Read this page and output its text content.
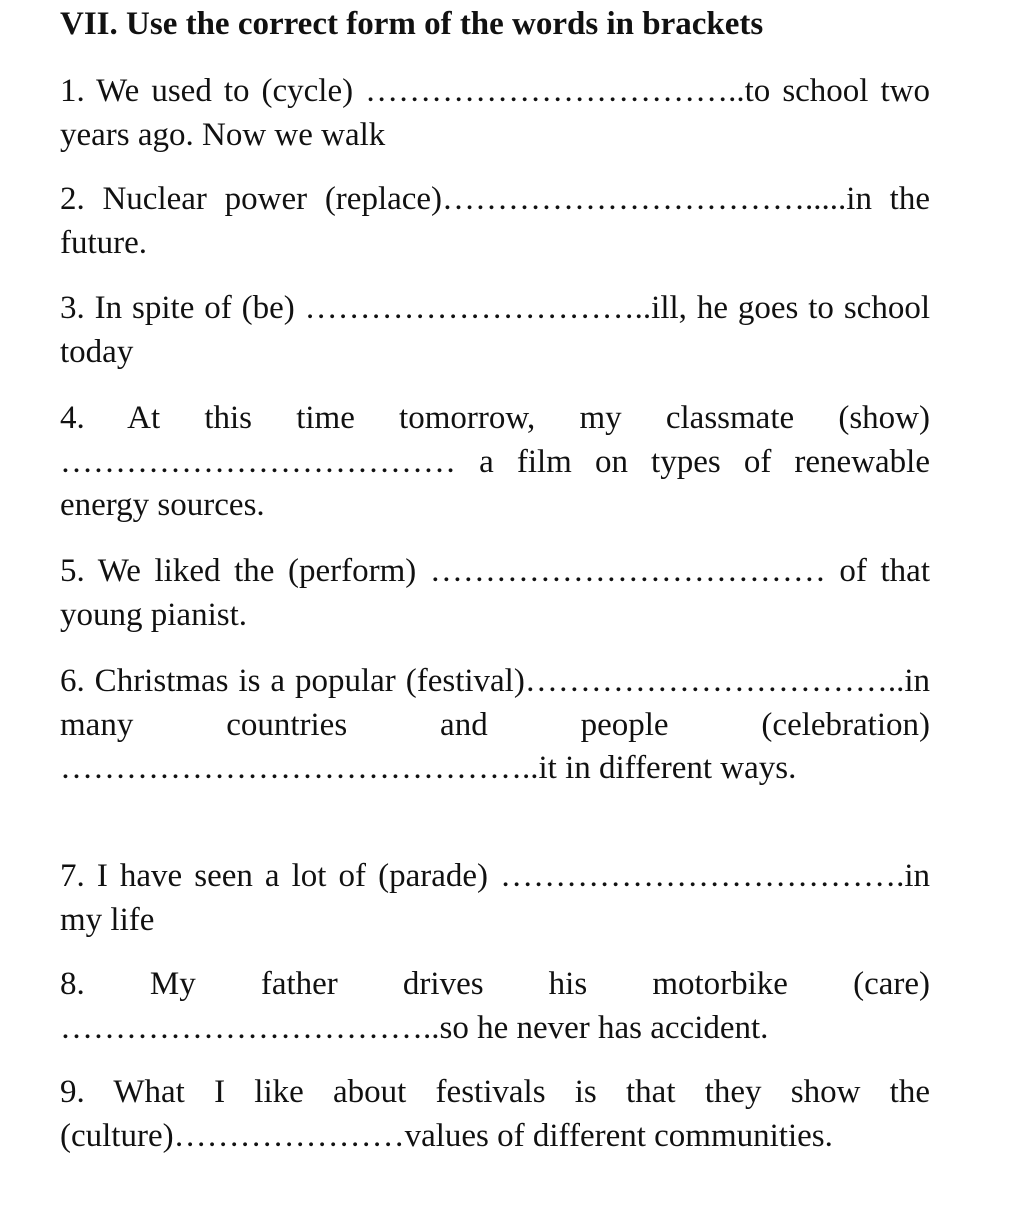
VII. Use the correct form of the words in brackets

1. We used to (cycle) ……………………………..to school two years ago. Now we walk

2. Nuclear power (replace)…………………………….....in the future.

3. In spite of (be) …………………………..ill, he goes to school today

4. At this time tomorrow, my classmate (show) ……………………………… a film on types of renewable energy sources.

5. We liked the (perform) ……………………………… of that young pianist.

6. Christmas is a popular (festival)……………………………..in many countries and people (celebration) ……………………………………..it in different ways.

7. I have seen a lot of (parade) ……………………………….in my life

8. My father drives his motorbike (care) ……………………………..so he never has accident.

9. What I like about festivals is that they show the (culture)…………………values of different communities.
